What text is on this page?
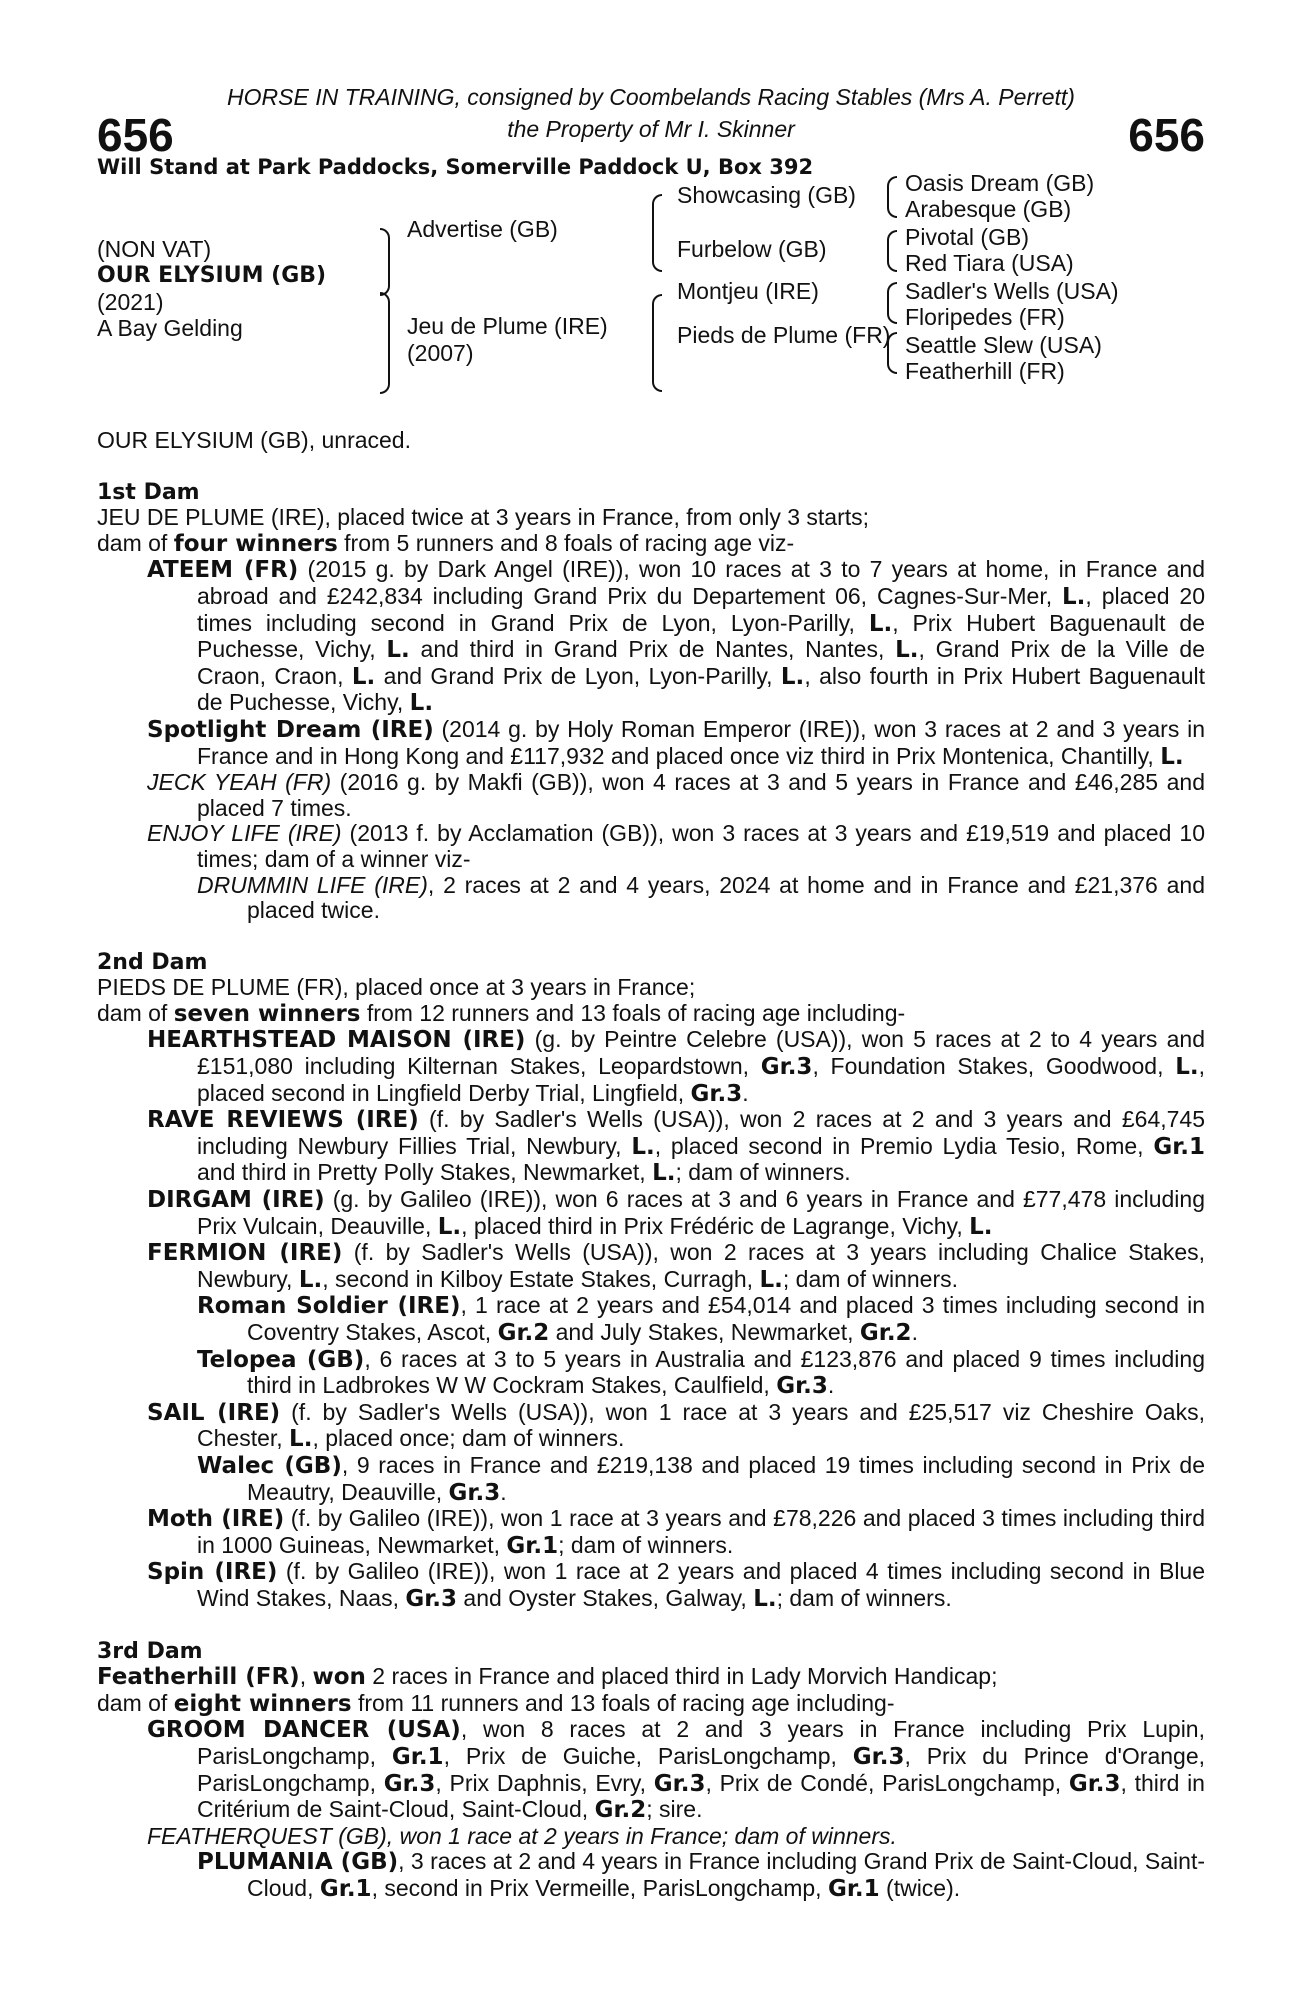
HORSE IN TRAINING, consigned by Coombelands Racing Stables (Mrs A. Perrett)
656	656
the Property of Mr I. Skinner
Will Stand at Park Paddocks, Somerville Paddock U, Box 392
(NON VAT)
OUR ELYSIUM (GB)
(2021)
A Bay Gelding
Advertise (GB)
Jeu de Plume (IRE)
(2007)
Showcasing (GB)
Furbelow (GB)
Montjeu (IRE)
Pieds de Plume (FR)
Oasis Dream (GB)
Arabesque (GB)
Pivotal (GB)
Red Tiara (USA)
Sadler's Wells (USA)
Floripedes (FR)
Seattle Slew (USA)
Featherhill (FR)
OUR ELYSIUM (GB), unraced.
1st Dam
JEU DE PLUME (IRE), placed twice at 3 years in France, from only 3 starts;
dam of four winners from 5 runners and 8 foals of racing age viz-
ATEEM (FR) (2015 g. by Dark Angel (IRE)), won 10 races at 3 to 7 years at home, in France and abroad and £242,834 including Grand Prix du Departement 06, Cagnes-Sur-Mer, L., placed 20 times including second in Grand Prix de Lyon, Lyon-Parilly, L., Prix Hubert Baguenault de Puchesse, Vichy, L. and third in Grand Prix de Nantes, Nantes, L., Grand Prix de la Ville de Craon, Craon, L. and Grand Prix de Lyon, Lyon-Parilly, L., also fourth in Prix Hubert Baguenault de Puchesse, Vichy, L.
Spotlight Dream (IRE) (2014 g. by Holy Roman Emperor (IRE)), won 3 races at 2 and 3 years in France and in Hong Kong and £117,932 and placed once viz third in Prix Montenica, Chantilly, L.
JECK YEAH (FR) (2016 g. by Makfi (GB)), won 4 races at 3 and 5 years in France and £46,285 and placed 7 times.
ENJOY LIFE (IRE) (2013 f. by Acclamation (GB)), won 3 races at 3 years and £19,519 and placed 10 times; dam of a winner viz-
DRUMMIN LIFE (IRE), 2 races at 2 and 4 years, 2024 at home and in France and £21,376 and placed twice.
2nd Dam
PIEDS DE PLUME (FR), placed once at 3 years in France;
dam of seven winners from 12 runners and 13 foals of racing age including-
HEARTHSTEAD MAISON (IRE) (g. by Peintre Celebre (USA)), won 5 races at 2 to 4 years and £151,080 including Kilternan Stakes, Leopardstown, Gr.3, Foundation Stakes, Goodwood, L., placed second in Lingfield Derby Trial, Lingfield, Gr.3.
RAVE REVIEWS (IRE) (f. by Sadler's Wells (USA)), won 2 races at 2 and 3 years and £64,745 including Newbury Fillies Trial, Newbury, L., placed second in Premio Lydia Tesio, Rome, Gr.1 and third in Pretty Polly Stakes, Newmarket, L.; dam of winners.
DIRGAM (IRE) (g. by Galileo (IRE)), won 6 races at 3 and 6 years in France and £77,478 including Prix Vulcain, Deauville, L., placed third in Prix Frédéric de Lagrange, Vichy, L.
FERMION (IRE) (f. by Sadler's Wells (USA)), won 2 races at 3 years including Chalice Stakes, Newbury, L., second in Kilboy Estate Stakes, Curragh, L.; dam of winners.
Roman Soldier (IRE), 1 race at 2 years and £54,014 and placed 3 times including second in Coventry Stakes, Ascot, Gr.2 and July Stakes, Newmarket, Gr.2.
Telopea (GB), 6 races at 3 to 5 years in Australia and £123,876 and placed 9 times including third in Ladbrokes W W Cockram Stakes, Caulfield, Gr.3.
SAIL (IRE) (f. by Sadler's Wells (USA)), won 1 race at 3 years and £25,517 viz Cheshire Oaks, Chester, L., placed once; dam of winners.
Walec (GB), 9 races in France and £219,138 and placed 19 times including second in Prix de Meautry, Deauville, Gr.3.
Moth (IRE) (f. by Galileo (IRE)), won 1 race at 3 years and £78,226 and placed 3 times including third in 1000 Guineas, Newmarket, Gr.1; dam of winners.
Spin (IRE) (f. by Galileo (IRE)), won 1 race at 2 years and placed 4 times including second in Blue Wind Stakes, Naas, Gr.3 and Oyster Stakes, Galway, L.; dam of winners.
3rd Dam
Featherhill (FR), won 2 races in France and placed third in Lady Morvich Handicap;
dam of eight winners from 11 runners and 13 foals of racing age including-
GROOM DANCER (USA), won 8 races at 2 and 3 years in France including Prix Lupin, ParisLongchamp, Gr.1, Prix de Guiche, ParisLongchamp, Gr.3, Prix du Prince d'Orange, ParisLongchamp, Gr.3, Prix Daphnis, Evry, Gr.3, Prix de Condé, ParisLongchamp, Gr.3, third in Critérium de Saint-Cloud, Saint-Cloud, Gr.2; sire.
FEATHERQUEST (GB), won 1 race at 2 years in France; dam of winners.
PLUMANIA (GB), 3 races at 2 and 4 years in France including Grand Prix de Saint-Cloud, Saint-Cloud, Gr.1, second in Prix Vermeille, ParisLongchamp, Gr.1 (twice).
